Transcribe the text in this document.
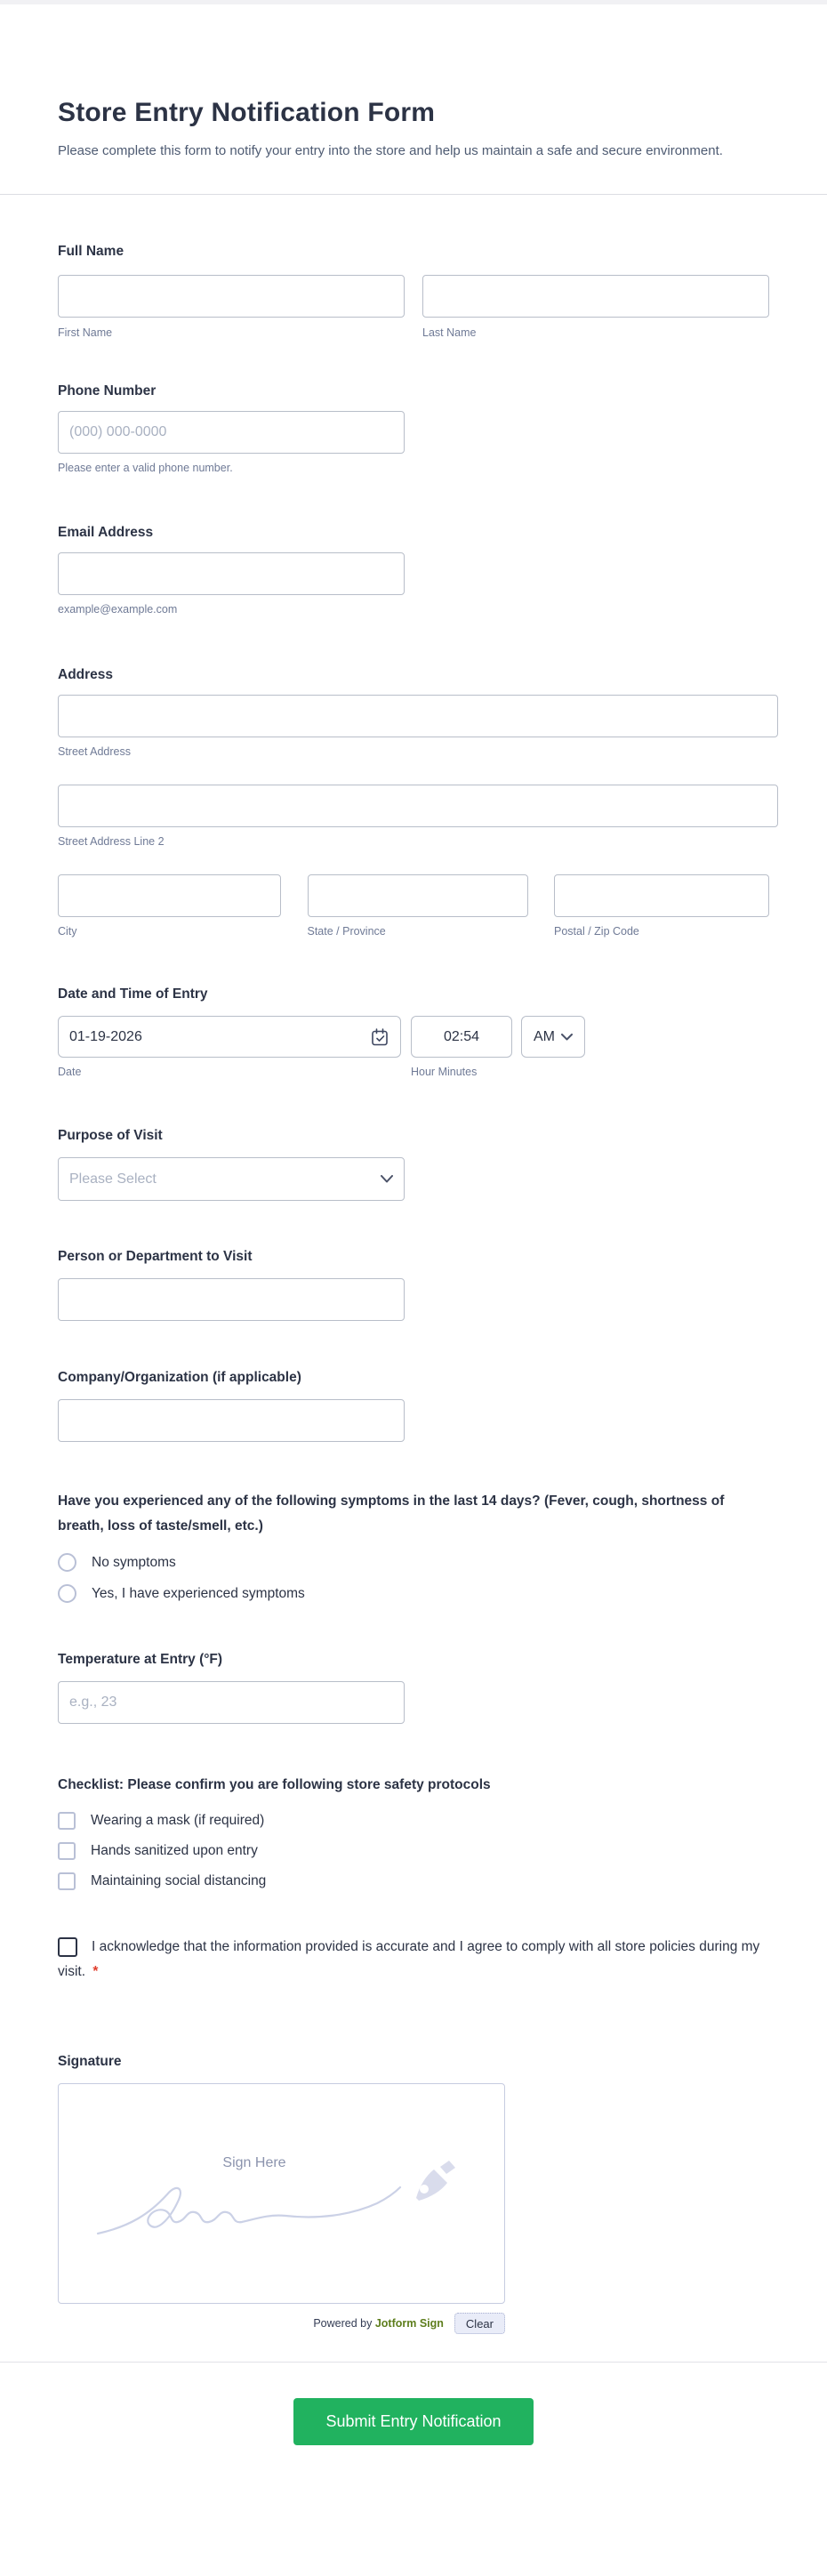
Store Entry Notification Form

Please complete this form to notify your entry into the store and help us maintain a safe and secure environment.

Full Name
First Name	Last Name
Phone Number
(000) 000-0000
Please enter a valid phone number.
Email Address
example@example.com
Address
Street Address
Street Address Line 2
City	State / Province	Postal / Zip Code
Date and Time of Entry
01-19-2026
02:54
AM
Date	Hour Minutes
Purpose of Visit
Please Select
Person or Department to Visit
Company/Organization (if applicable)
Have you experienced any of the following symptoms in the last 14 days? (Fever, cough, shortness of breath, loss of taste/smell, etc.)
No symptoms
Yes, I have experienced symptoms
Temperature at Entry (°F)
e.g., 23
Checklist: Please confirm you are following store safety protocols
Wearing a mask (if required)
Hands sanitized upon entry
Maintaining social distancing
I acknowledge that the information provided is accurate and I agree to comply with all store policies during my visit. *
Signature
Sign Here
Powered by Jotform Sign	Clear
Submit Entry Notification
